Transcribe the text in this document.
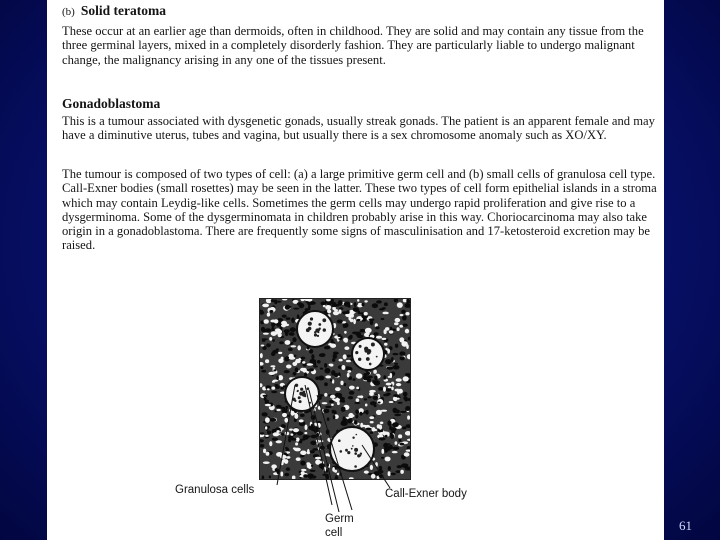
(b) Solid teratoma
These occur at an earlier age than dermoids, often in childhood. They are solid and may contain any tissue from the three germinal layers, mixed in a completely disorderly fashion. They are particularly liable to undergo malignant change, the malignancy arising in any one of the tissues present.
Gonadoblastoma
This is a tumour associated with dysgenetic gonads, usually streak gonads. The patient is an apparent female and may have a diminutive uterus, tubes and vagina, but usually there is a sex chromosome anomaly such as XO/XY.
The tumour is composed of two types of cell: (a) a large primitive germ cell and (b) small cells of granulosa cell type. Call-Exner bodies (small rosettes) may be seen in the latter. These two types of cell form epithelial islands in a stroma which may contain Leydig-like cells. Sometimes the germ cells may undergo rapid proliferation and give rise to a dysgerminoma. Some of the dysgerminomata in children probably arise in this way. Choriocarcinoma may also take origin in a gonadoblastoma. There are frequently some signs of masculinisation and 17-ketosteroid excretion may be raised.
Granulosa cells	Call-Exner body
Germ
cell	61
